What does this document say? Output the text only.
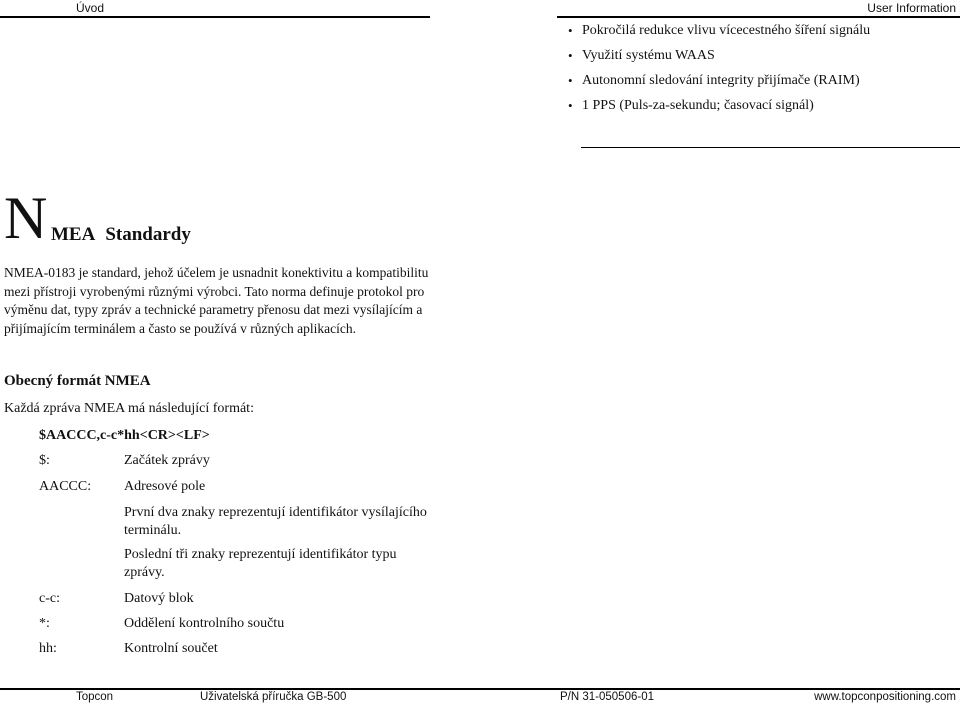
Úvod	User Information
• Pokročilá redukce vlivu vícecestného šíření signálu
• Využití systému WAAS
• Autonomní sledování integrity přijímače (RAIM)
• 1 PPS (Puls-za-sekundu; časovací signál)
N MEA Standardy

NMEA-0183 je standard, jehož účelem je usnadnit konektivitu a kompatibilitu mezi přístroji vyrobenými různými výrobci. Tato norma definuje protokol pro výměnu dat, typy zpráv a technické parametry přenosu dat mezi vysílajícím a přijímajícím terminálem a často se používá v různých aplikacích.

Obecný formát NMEA
Každá zpráva NMEA má následující formát:
$AACCC,c-c*hh<CR><LF>
$:	Začátek zprávy
AACCC: Adresové pole
První dva znaky reprezentují identifikátor vysílajícího terminálu.
Poslední tři znaky reprezentují identifikátor typu zprávy.
c-c:	Datový blok
*:	Oddělení kontrolního součtu
hh:	Kontrolní součet
Topcon	Uživatelská příručka GB-500	P/N 31-050506-01	www.topconpositioning.com
